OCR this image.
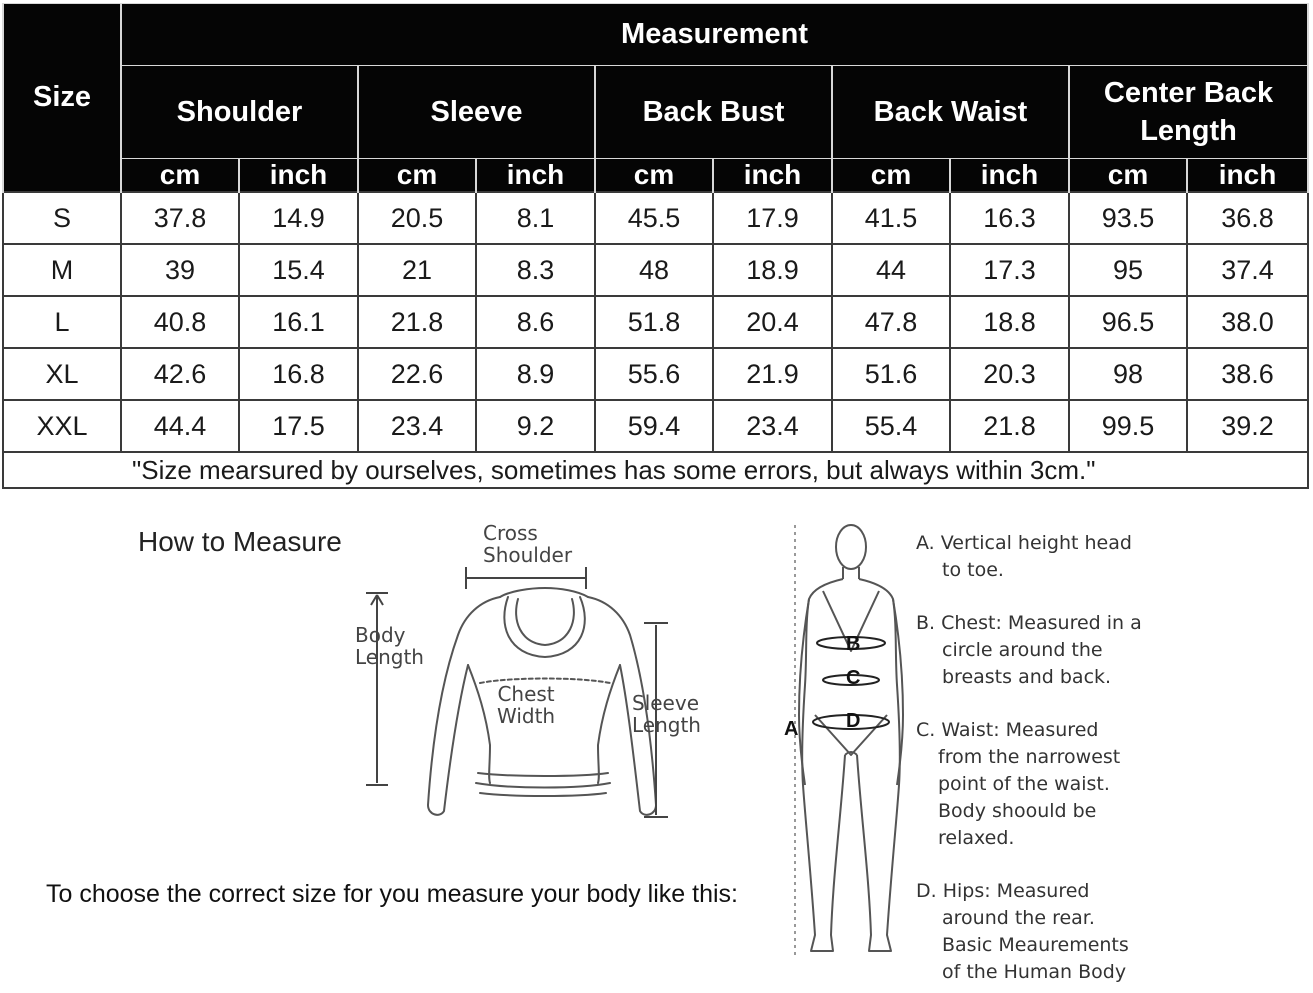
Size	Measurement									
	Shoulder		Sleeve		Back Bust		Back Waist		Center Back Length	
	cm	inch	cm	inch	cm	inch	cm	inch	cm	inch
S	37.8	14.9	20.5	8.1	45.5	17.9	41.5	16.3	93.5	36.8
M	39	15.4	21	8.3	48	18.9	44	17.3	95	37.4
L	40.8	16.1	21.8	8.6	51.8	20.4	47.8	18.8	96.5	38.0
XL	42.6	16.8	22.6	8.9	55.6	21.9	51.6	20.3	98	38.6
XXL	44.4	17.5	23.4	9.2	59.4	23.4	55.4	21.8	99.5	39.2
"Size mearsured by ourselves, sometimes has some errors, but always within 3cm."										
How to Measure	Cross
Shoulder
Body
Length
Chest
Width
Sleeve
Length
B
C
D
A
A. Vertical height head
to toe.
B. Chest: Measured in a
circle around the
breasts and back.
C. Waist: Measured
from the narrowest
point of the waist.
Body shoould be
relaxed.
D. Hips: Measured
around the rear.
Basic Meaurements
of the Human Body
To choose the correct size for you measure your body like this:
